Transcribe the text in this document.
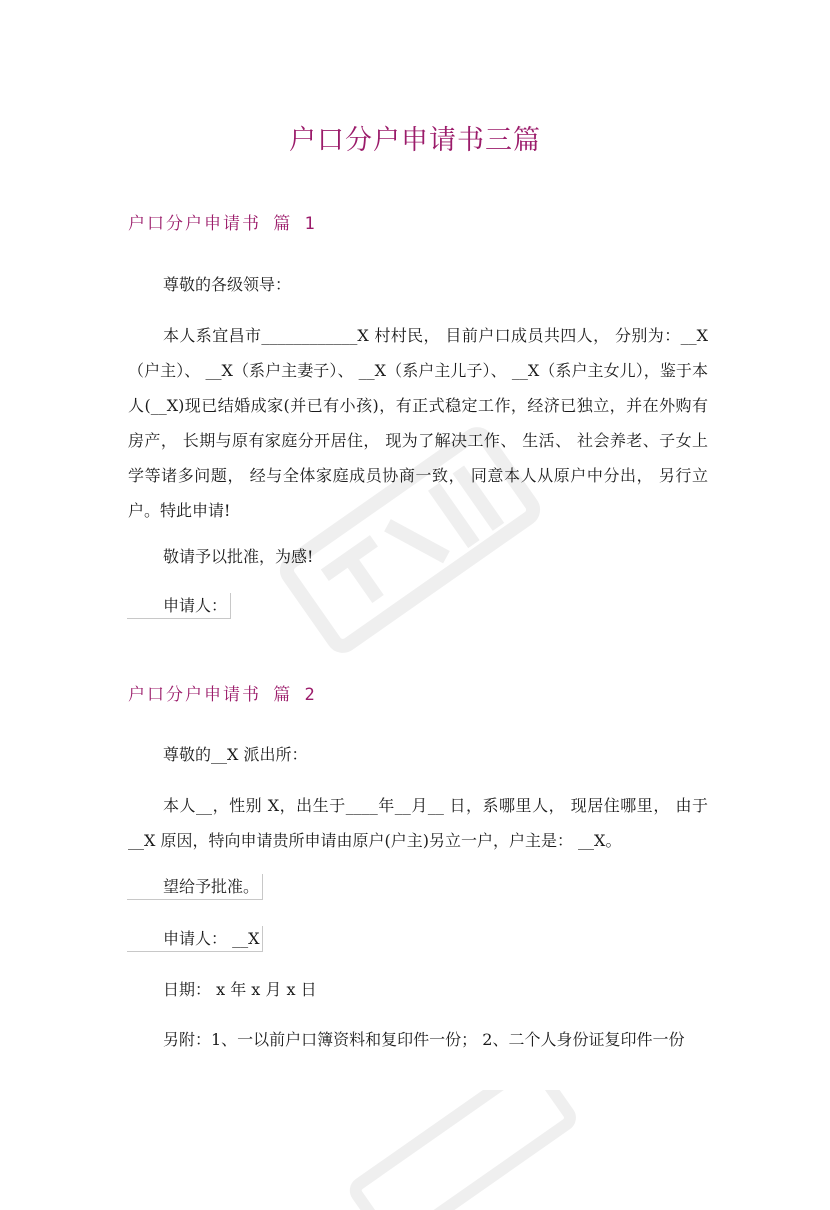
户口分户申请书三篇
户口分户申请书 篇 1
尊敬的各级领导：
本人系宜昌市____________X 村村民， 目前户口成员共四人， 分别为：__X（户主）、 __X（系户主妻子）、 __X（系户主儿子）、 __X（系户主女儿），鉴于本人(__X)现已结婚成家(并已有小孩)，有正式稳定工作，经济已独立，并在外购有房产， 长期与原有家庭分开居住， 现为了解决工作、 生活、 社会养老、子女上学等诸多问题， 经与全体家庭成员协商一致， 同意本人从原户中分出， 另行立户。特此申请!
敬请予以批准，为感!
申请人：
户口分户申请书 篇 2
尊敬的__X 派出所：
本人__，性别 X，出生于____年__月__ 日，系哪里人， 现居住哪里， 由于__X 原因，特向申请贵所申请由原户(户主)另立一户，户主是： __X。
望给予批准。
申请人： __X
日期： x 年 x 月 x 日
另附：1、一以前户口簿资料和复印件一份； 2、二个人身份证复印件一份
